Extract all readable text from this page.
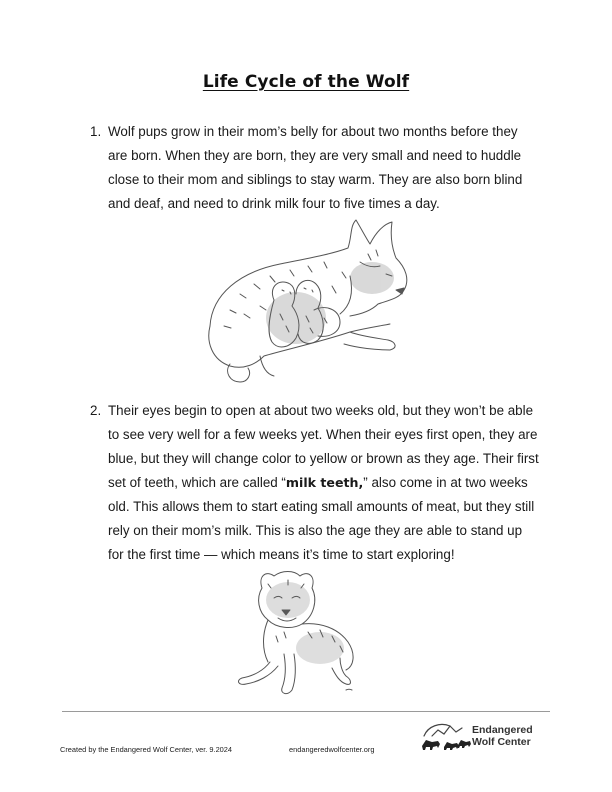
Life Cycle of the Wolf
1. Wolf pups grow in their mom’s belly for about two months before they are born. When they are born, they are very small and need to huddle close to their mom and siblings to stay warm. They are also born blind and deaf, and need to drink milk four to five times a day.
2. Their eyes begin to open at about two weeks old, but they won’t be able to see very well for a few weeks yet. When their eyes first open, they are blue, but they will change color to yellow or brown as they age. Their first set of teeth, which are called “milk teeth,” also come in at two weeks old. This allows them to start eating small amounts of meat, but they still rely on their mom’s milk. This is also the age they are able to stand up for the first time — which means it’s time to start exploring!
Created by the Endangered Wolf Center, ver. 9.2024	endangeredwolfcenter.org
Endangered
Wolf Center
